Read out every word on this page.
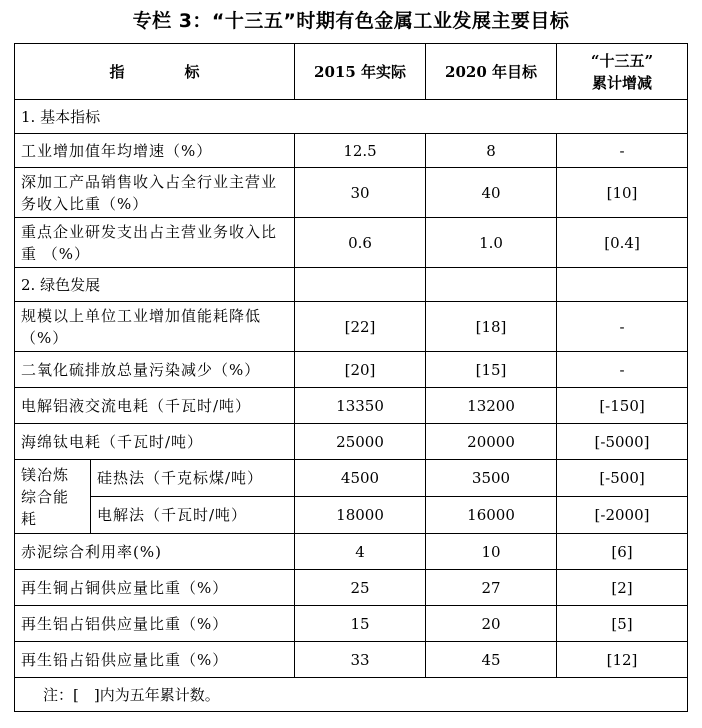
专栏 3：“十三五”时期有色金属工业发展主要目标
指　　　　标		2015 年实际	2020 年目标	“十三五”
累计增减

1. 基本指标				
工业增加值年均增速（%）		12.5	8	-
深加工产品销售收入占全行业主营业务收入比重（%）		30	40	[10]
重点企业研发支出占主营业务收入比重 （%）		0.6	1.0	[0.4]
2. 绿色发展				
规模以上单位工业增加值能耗降低（%）		[22]	[18]	-
二氧化硫排放总量污染减少（%）		[20]	[15]	-
电解铝液交流电耗（千瓦时/吨）		13350	13200	[-150]
海绵钛电耗（千瓦时/吨）		25000	20000	[-5000]
镁冶炼综合能耗	硅热法（千克标煤/吨）	4500	3500	[-500]
	电解法（千瓦时/吨）	18000	16000	[-2000]
赤泥综合利用率(%)		4	10	[6]
再生铜占铜供应量比重（%）		25	27	[2]
再生铝占铝供应量比重（%）		15	20	[5]
再生铅占铅供应量比重（%）		33	45	[12]
注：[　]内为五年累计数。				
